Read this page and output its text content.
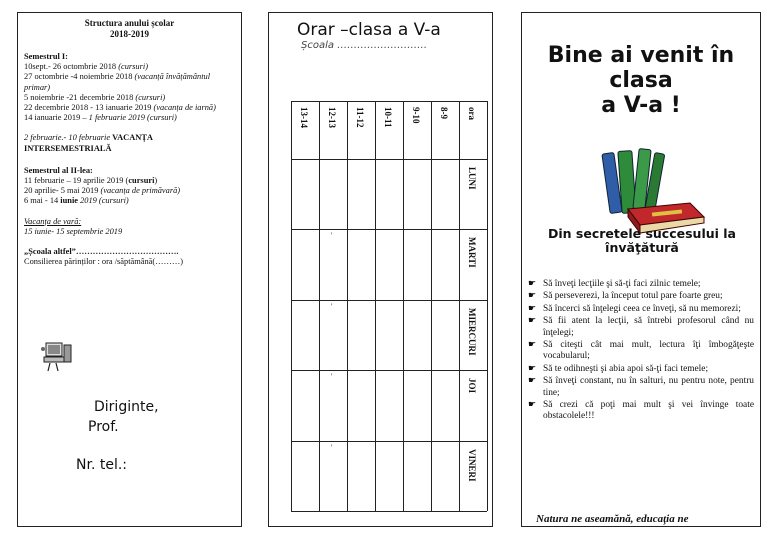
Structura anului școlar
2018-2019
Semestrul I:
10sept.- 26 octombrie 2018 (cursuri)
27 octombrie -4 noiembrie 2018 (vacanță învățământul primar)
5 noiembrie -21 decembrie 2018 (cursuri)
22 decembrie 2018 - 13 ianuarie 2019 (vacanța de iarnă)
14 ianuarie 2019 – 1 februarie 2019 (cursuri)
2 februarie.- 10 februarie VACANȚA INTERSEMESTRIALĂ
Semestrul al II-lea:
11 februarie – 19 aprilie 2019 (cursuri)
20 aprilie- 5 mai 2019 (vacanța de primăvară)
6 mai - 14 iunie 2019 (cursuri)
Vacanța de vară:
15 iunie- 15 septembrie 2019
„Școala altfel”……………………………….
Consilierea părinților : ora /săptămână(………)
Diriginte,
Prof.
Nr. tel.:
Orar –clasa a V-a
Școala ………………………
ora
8-9
9-10
10-11
11-12
12-13
13-14
LUNI
MARTI
'
MIERCURI
'
JOI
'
VINERI
'
Bine ai venit în
clasa
a V-a !
Din secretele succesului la
învăţătură
☛ Să înveţi lecţiile şi să-ţi faci zilnic temele;
☛ Să perseverezi, la început totul pare foarte greu;
☛ Să încerci să înţelegi ceea ce înveţi, să nu memorezi;
☛ Să fii atent la lecţii, să întrebi profesorul când nu înţelegi;
☛ Să citeşti cât mai mult, lectura îţi îmbogăţeşte vocabularul;
☛ Să te odihneşti şi abia apoi să-ţi faci temele;
☛ Să înveţi constant, nu în salturi, nu pentru note, pentru tine;
☛ Să crezi că poţi mai mult şi vei învinge toate obstacolele!!!
Natura ne aseamănă, educaţia ne
